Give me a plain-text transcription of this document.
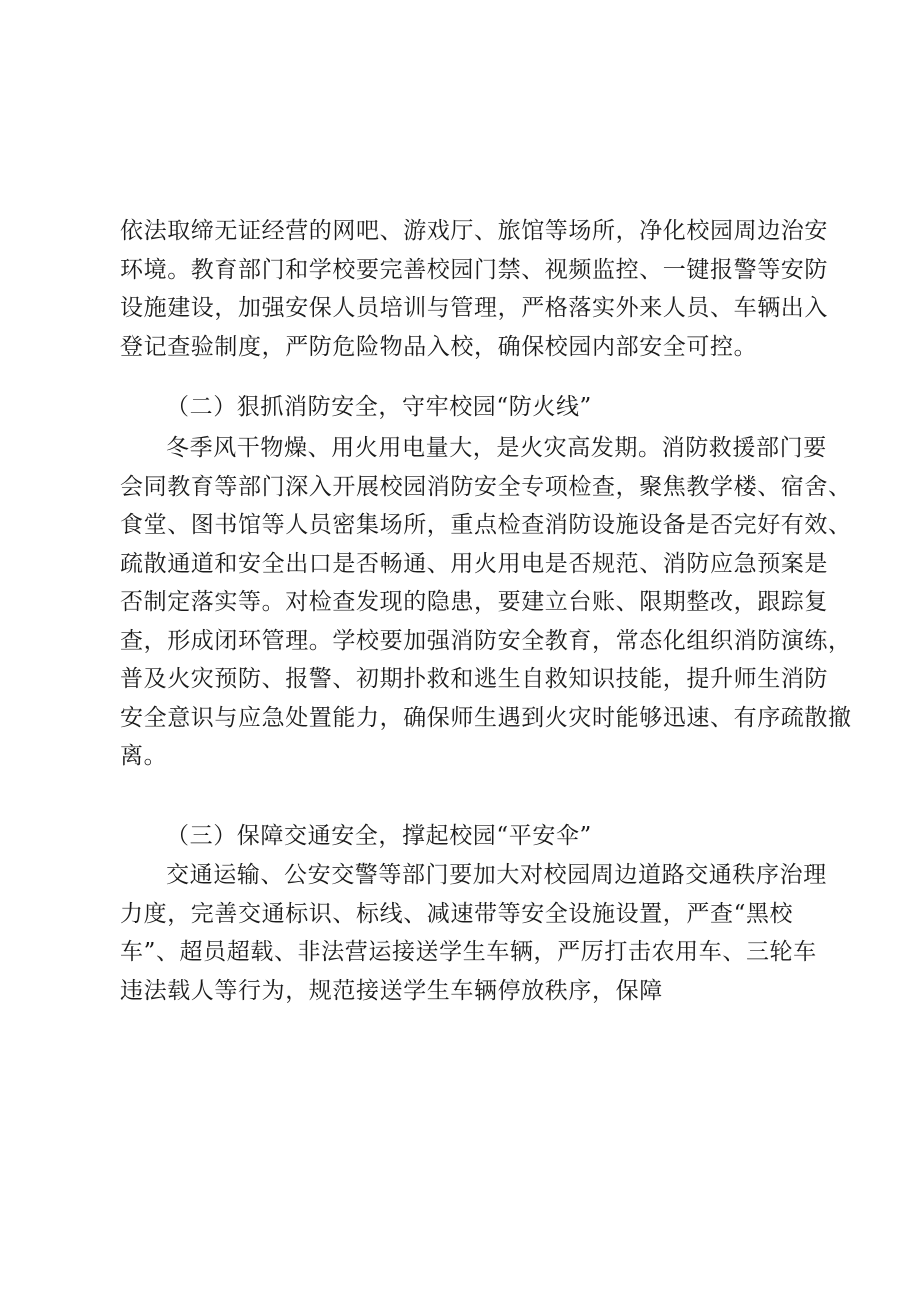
依法取缔无证经营的网吧、游戏厅、旅馆等场所，净化校园周边治安
环境。教育部门和学校要完善校园门禁、视频监控、一键报警等安防
设施建设，加强安保人员培训与管理，严格落实外来人员、车辆出入
登记查验制度，严防危险物品入校，确保校园内部安全可控。
（二）狠抓消防安全，守牢校园“防火线”
冬季风干物燥、用火用电量大，是火灾高发期。消防救援部门要
会同教育等部门深入开展校园消防安全专项检查，聚焦教学楼、宿舍、
食堂、图书馆等人员密集场所，重点检查消防设施设备是否完好有效、
疏散通道和安全出口是否畅通、用火用电是否规范、消防应急预案是
否制定落实等。对检查发现的隐患，要建立台账、限期整改，跟踪复
查，形成闭环管理。学校要加强消防安全教育，常态化组织消防演练，
普及火灾预防、报警、初期扑救和逃生自救知识技能，提升师生消防
安全意识与应急处置能力，确保师生遇到火灾时能够迅速、有序疏散撤
离。
（三）保障交通安全，撑起校园“平安伞”
交通运输、公安交警等部门要加大对校园周边道路交通秩序治理
力度，完善交通标识、标线、减速带等安全设施设置，严查“黑校
车”、超员超载、非法营运接送学生车辆，严厉打击农用车、三轮车
违法载人等行为，规范接送学生车辆停放秩序，保障
